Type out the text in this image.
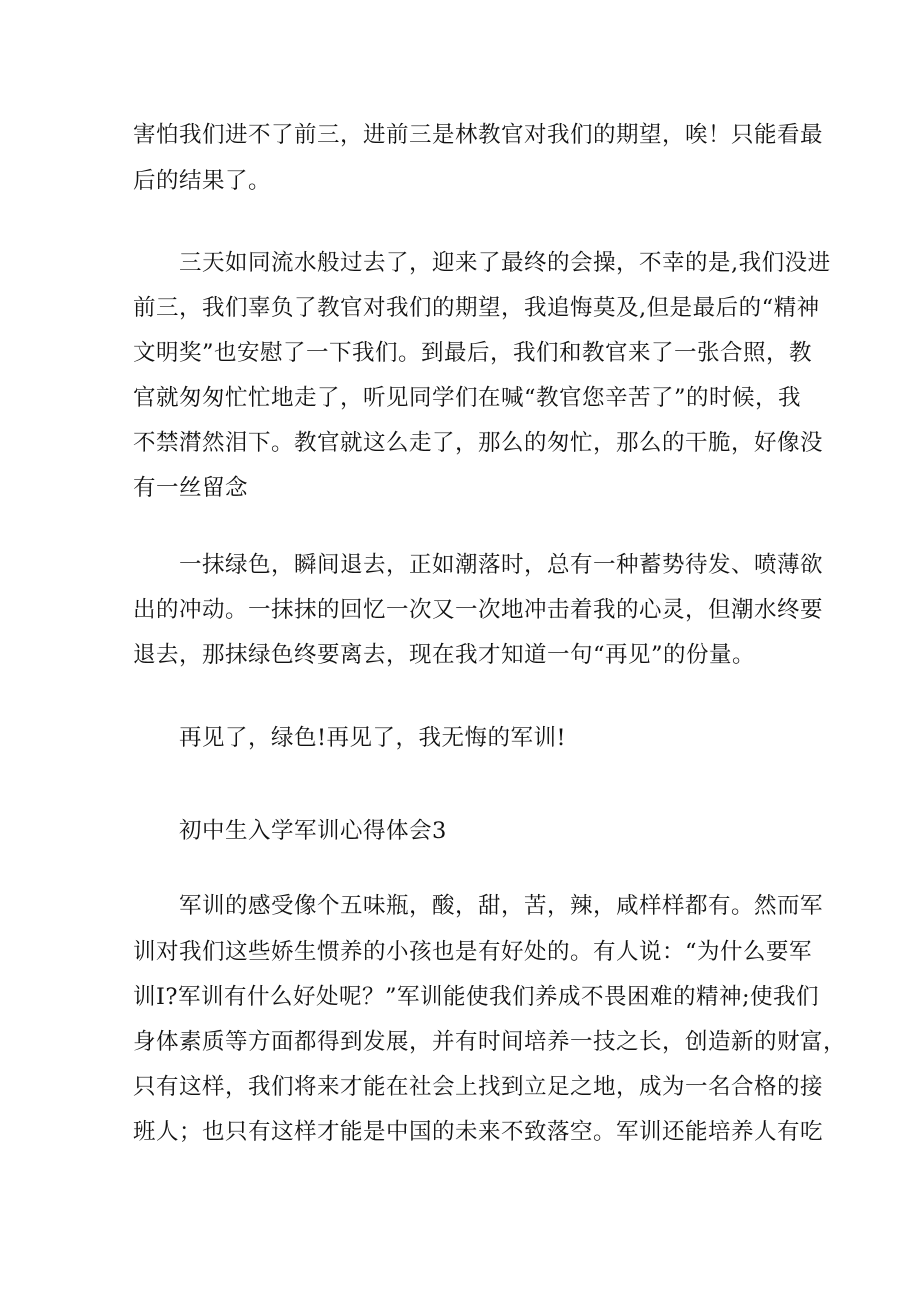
害怕我们进不了前三，进前三是林教官对我们的期望，唉！只能看最
后的结果了。
三天如同流水般过去了，迎来了最终的会操，不幸的是,我们没进
前三，我们辜负了教官对我们的期望，我追悔莫及,但是最后的“精神
文明奖”也安慰了一下我们。到最后，我们和教官来了一张合照，教
官就匆匆忙忙地走了，听见同学们在喊“教官您辛苦了”的时候，我
不禁潸然泪下。教官就这么走了，那么的匆忙，那么的干脆，好像没
有一丝留念
一抹绿色，瞬间退去，正如潮落时，总有一种蓄势待发、喷薄欲
出的冲动。一抹抹的回忆一次又一次地冲击着我的心灵，但潮水终要
退去，那抹绿色终要离去，现在我才知道一句“再见”的份量。
再见了，绿色!再见了，我无悔的军训!
初中生入学军训心得体会3
军训的感受像个五味瓶，酸，甜，苦，辣，咸样样都有。然而军
训对我们这些娇生惯养的小孩也是有好处的。有人说：“为什么要军
训I?军训有什么好处呢？”军训能使我们养成不畏困难的精神;使我们
身体素质等方面都得到发展，并有时间培养一技之长，创造新的财富，
只有这样，我们将来才能在社会上找到立足之地，成为一名合格的接
班人；也只有这样才能是中国的未来不致落空。军训还能培养人有吃
